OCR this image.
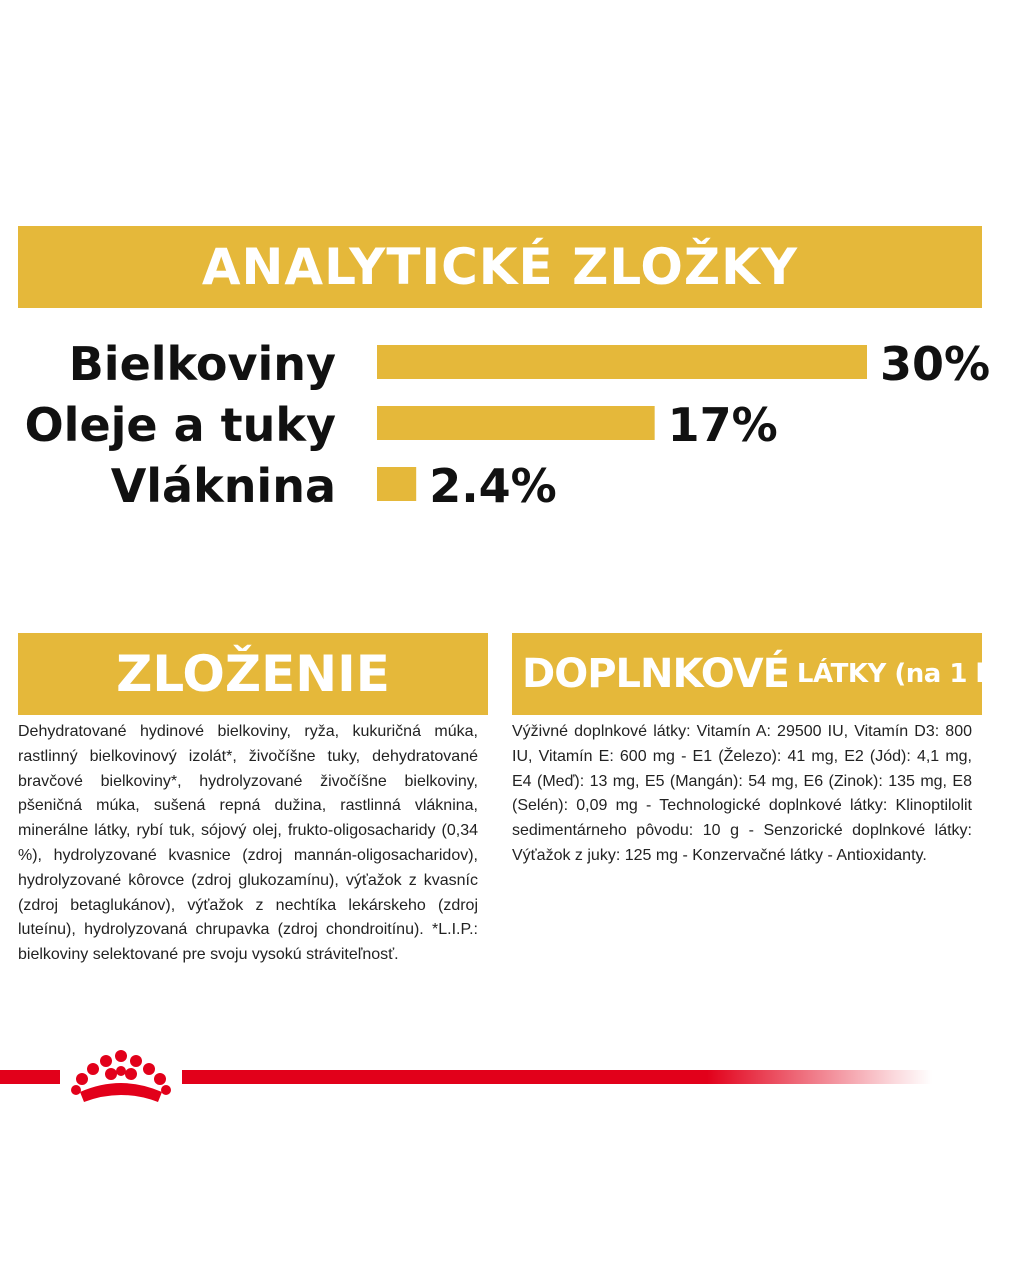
ANALYTICKÉ ZLOŽKY
Bielkoviny	30%
Oleje a tuky	17%
Vláknina 2.4%
ZLOŽENIE	DOPLNKOVÉ LÁTKY (na 1 kg)
Dehydratované hydinové bielkoviny, ryža, kukuričná múka, rastlinný bielkovinový izolát*, živočíšne tuky, dehydratované bravčové bielkoviny*, hydrolyzované živočíšne bielkoviny, pšeničná múka, sušená repná dužina, rastlinná vláknina, minerálne látky, rybí tuk, sójový olej, frukto-oligosacharidy (0,34 %), hydrolyzované kvasnice (zdroj mannán-oligosacharidov), hydrolyzované kôrovce (zdroj glukozamínu), výťažok z kvasníc (zdroj betaglukánov), výťažok z nechtíka lekárskeho (zdroj luteínu), hydrolyzovaná chrupavka (zdroj chondroitínu). *L.I.P.: bielkoviny selektované pre svoju vysokú stráviteľnosť.
Výživné doplnkové látky: Vitamín A: 29500 IU, Vitamín D3: 800 IU, Vitamín E: 600 mg - E1 (Železo): 41 mg, E2 (Jód): 4,1 mg, E4 (Meď): 13 mg, E5 (Mangán): 54 mg, E6 (Zinok): 135 mg, E8 (Selén): 0,09 mg - Technologické doplnkové látky: Klinoptilolit sedimentárneho pôvodu: 10 g - Senzorické doplnkové látky: Výťažok z juky: 125 mg - Konzervačné látky - Antioxidanty.
